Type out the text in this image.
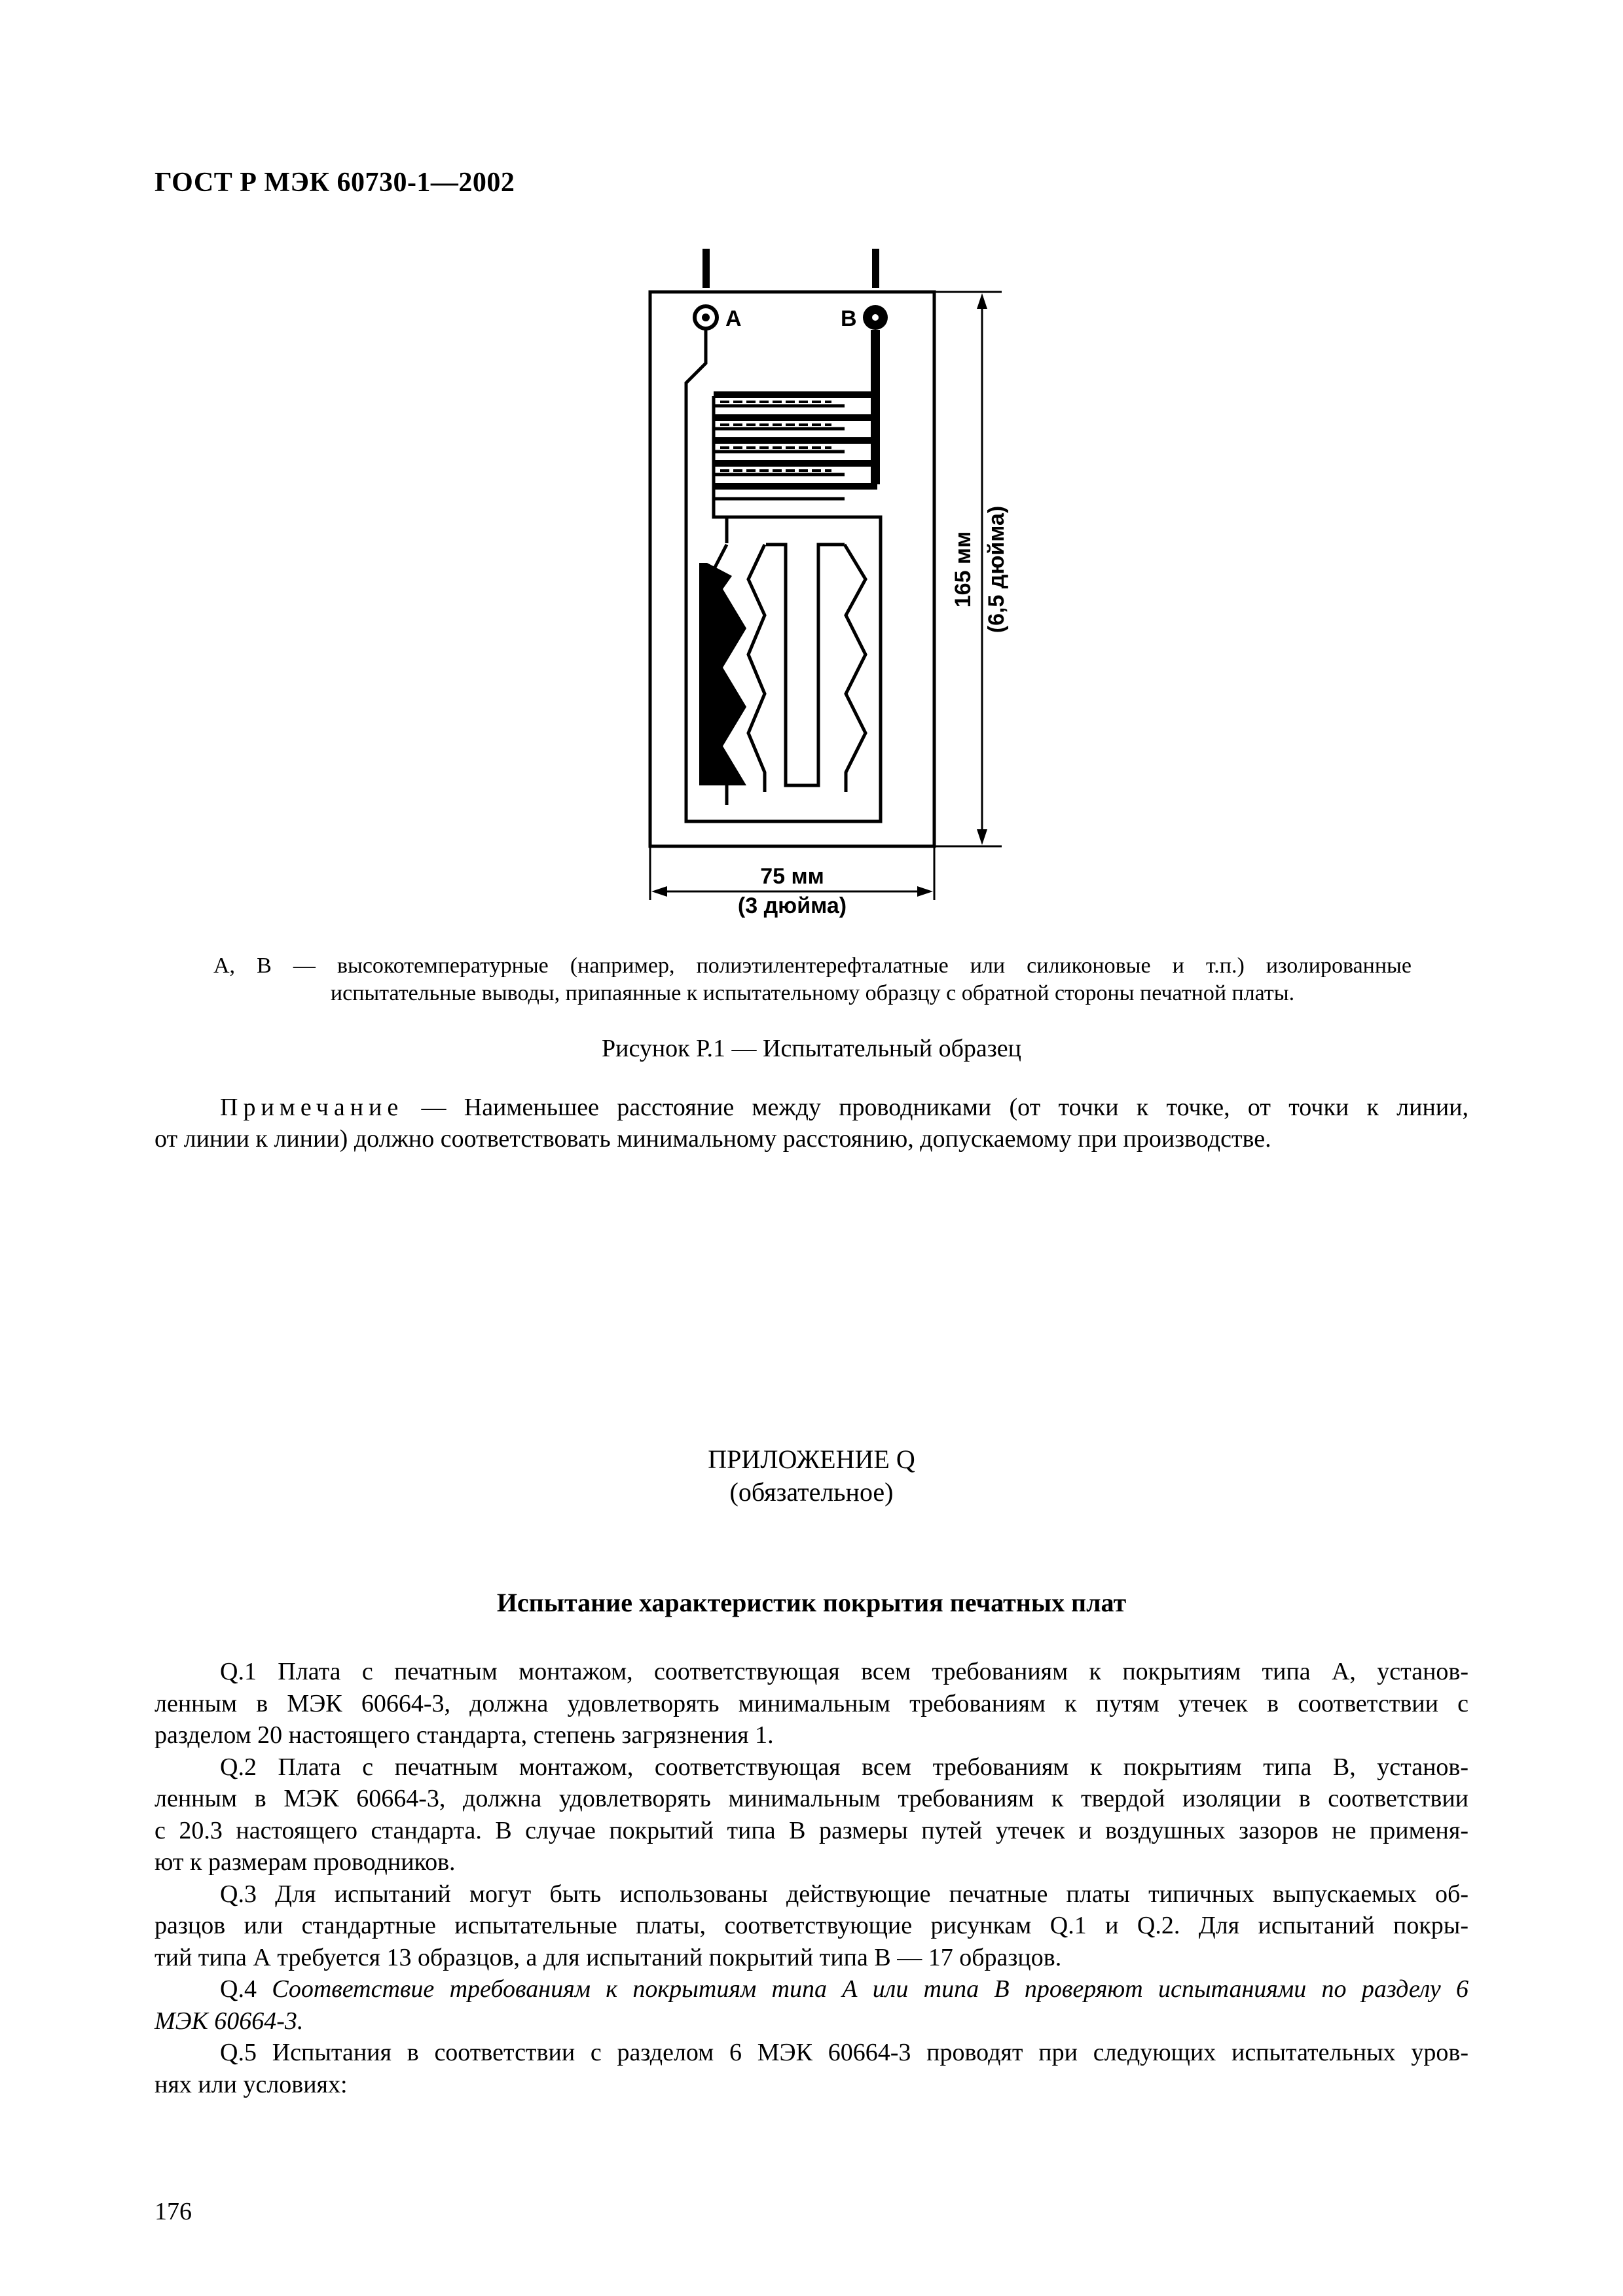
ГОСТ Р МЭК 60730-1—2002
A	B
165 мм (6,5 дюйма)
75 мм
(3 дюйма)
А, В — высокотемпературные (например, полиэтилентерефталатные или силиконовые и т.п.) изолированные
испытательные выводы, припаянные к испытательному образцу с обратной стороны печатной платы.
Рисунок Р.1 — Испытательный образец
Примечание — Наименьшее расстояние между проводниками (от точки к точке, от точки к линии,
от линии к линии) должно соответствовать минимальному расстоянию, допускаемому при производстве.
ПРИЛОЖЕНИЕ Q
(обязательное)
Испытание характеристик покрытия печатных плат

Q.1 Плата с печатным монтажом, соответствующая всем требованиям к покрытиям типа А, установ-
ленным в МЭК 60664-3, должна удовлетворять минимальным требованиям к путям утечек в соответствии с
разделом 20 настоящего стандарта, степень загрязнения 1.

Q.2 Плата с печатным монтажом, соответствующая всем требованиям к покрытиям типа В, установ-
ленным в МЭК 60664-3, должна удовлетворять минимальным требованиям к твердой изоляции в соответствии
с 20.3 настоящего стандарта. В случае покрытий типа В размеры путей утечек и воздушных зазоров не применя-
ют к размерам проводников.

Q.3 Для испытаний могут быть использованы действующие печатные платы типичных выпускаемых об-
разцов или стандартные испытательные платы, соответствующие рисункам Q.1 и Q.2. Для испытаний покры-
тий типа А требуется 13 образцов, а для испытаний покрытий типа В — 17 образцов.

Q.4 Соответствие требованиям к покрытиям типа А или типа В проверяют испытаниями по разделу 6
МЭК 60664-3.

Q.5 Испытания в соответствии с разделом 6 МЭК 60664-3 проводят при следующих испытательных уров-
нях или условиях:

176
